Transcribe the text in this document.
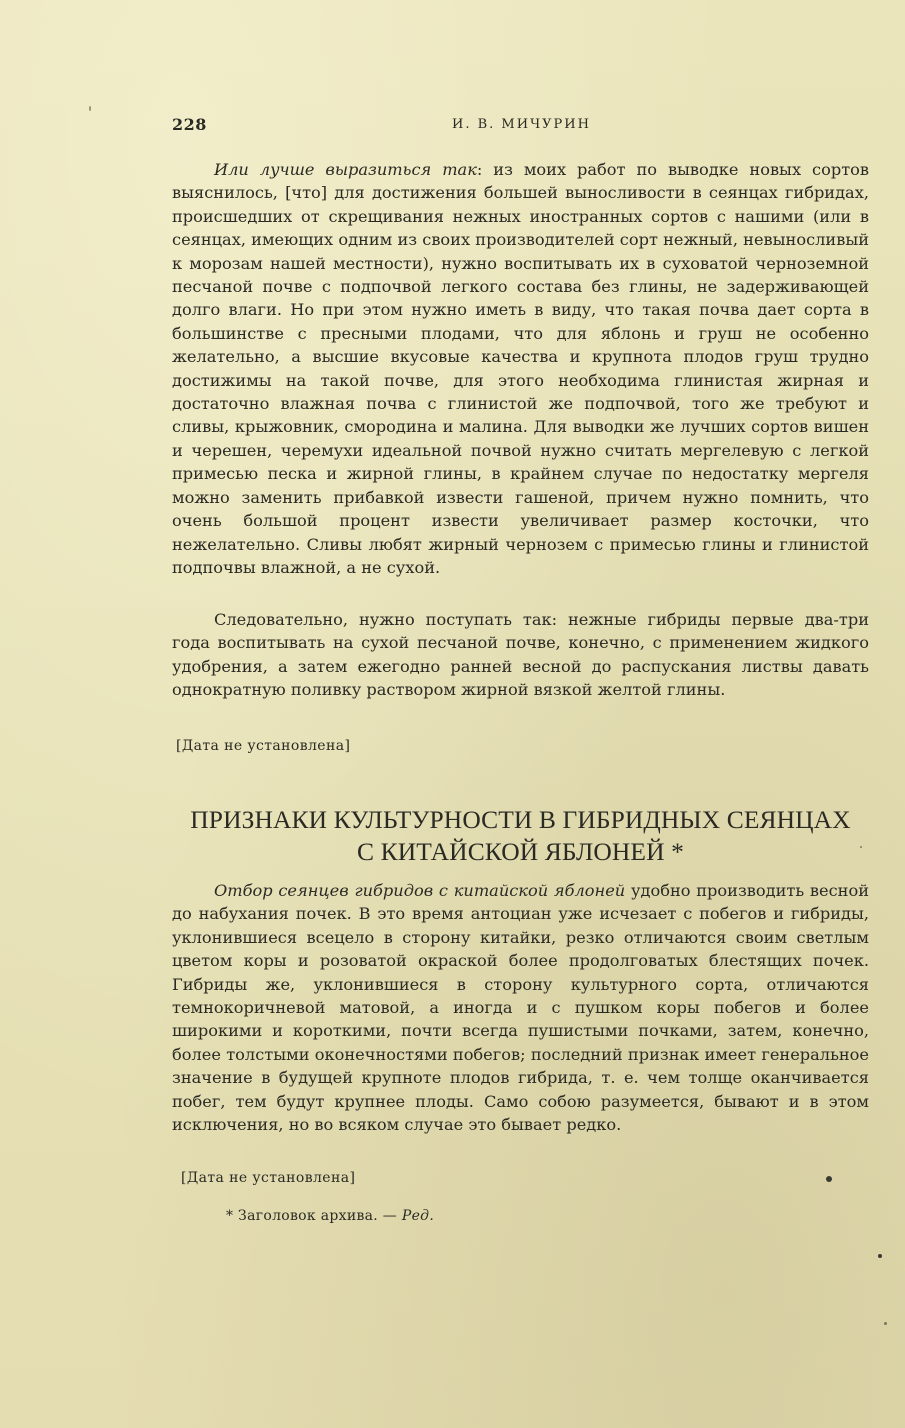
228	И. В. МИЧУРИН
Или лучше выразиться так: из моих работ по выводке новых сортов выяснилось, [что] для достижения большей выносливости в сеянцах гибридах, происшедших от скрещивания нежных иностранных сортов с нашими (или в сеянцах, имеющих одним из своих производителей сорт нежный, невыносливый к морозам нашей местности), нужно воспитывать их в суховатой черноземной песчаной почве с подпочвой легкого состава без глины, не задерживающей долго влаги. Но при этом нужно иметь в виду, что такая почва дает сорта в большинстве с пресными плодами, что для яблонь и груш не особенно желательно, а высшие вкусовые качества и крупнота плодов груш трудно достижимы на такой почве, для этого необходима глинистая жирная и достаточно влажная почва с глинистой же подпочвой, того же требуют и сливы, крыжовник, смородина и малина. Для выводки же лучших сортов вишен и черешен, черемухи идеальной почвой нужно считать мергелевую с легкой примесью песка и жирной глины, в крайнем случае по недостатку мергеля можно заменить прибавкой извести гашеной, причем нужно помнить, что очень большой процент извести увеличивает размер косточки, что нежелательно. Сливы любят жирный чернозем с примесью глины и глинистой подпочвы влажной, а не сухой.
Следовательно, нужно поступать так: нежные гибриды первые два-три года воспитывать на сухой песчаной почве, конечно, с применением жидкого удобрения, а затем ежегодно ранней весной до распускания листвы давать однократную поливку раствором жирной вязкой желтой глины.
[Дата не установлена]
ПРИЗНАКИ КУЛЬТУРНОСТИ В ГИБРИДНЫХ СЕЯНЦАХ
С КИТАЙСКОЙ ЯБЛОНЕЙ *
Отбор сеянцев гибридов с китайской яблоней удобно производить весной до набухания почек. В это время антоциан уже исчезает с побегов и гибриды, уклонившиеся всецело в сторону китайки, резко отличаются своим светлым цветом коры и розоватой окраской более продолговатых блестящих почек. Гибриды же, уклонившиеся в сторону культурного сорта, отличаются темнокоричневой матовой, а иногда и с пушком коры побегов и более широкими и короткими, почти всегда пушистыми почками, затем, конечно, более толстыми оконечностями побегов; последний признак имеет генеральное значение в будущей крупноте плодов гибрида, т. е. чем толще оканчивается побег, тем будут крупнее плоды. Само собою разумеется, бывают и в этом исключения, но во всяком случае это бывает редко.
[Дата не установлена]
* Заголовок архива. — Ред.
